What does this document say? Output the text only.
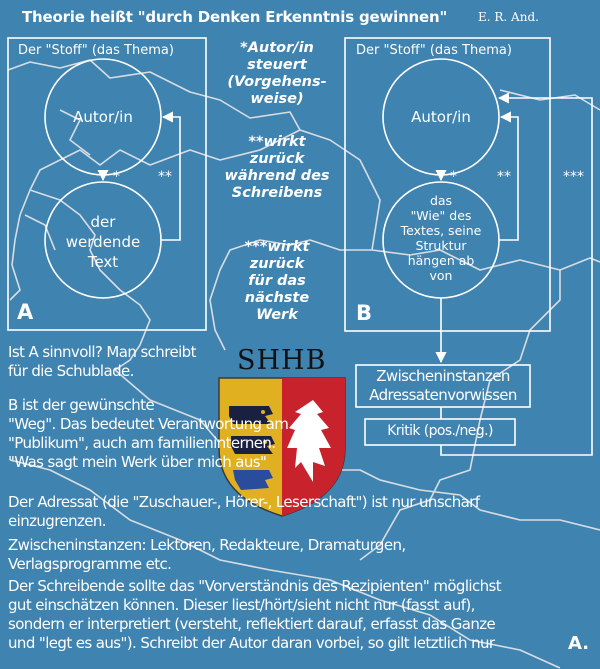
Theorie heißt "durch Denken Erkenntnis gewinnen"	E. R. And.
Der "Stoff" (das Thema)
Autor/in
der
werdende
Text
*	**
A
Der "Stoff" (das Thema)
Autor/in
das
"Wie" des
Textes, seine
Struktur
hängen ab
von
*	**	***
B
*Autor/in
steuert
(Vorgehens-
weise)
**wirkt
zurück
während des
Schreibens
***wirkt
zurück
für das
nächste
Werk
Zwischeninstanzen
Adressatenvorwissen
Kritik (pos./neg.)
SHHB
Ist A sinnvoll? Man schreibt
für die Schublade.
B ist der gewünschte
"Weg". Das bedeutet Verantwortung am
"Publikum", auch am familieninternen.
"Was sagt mein Werk über mich aus"
Der Adressat (die "Zuschauer-, Hörer-, Leserschaft") ist nur unscharf
einzugrenzen.
Zwischeninstanzen: Lektoren, Redakteure, Dramaturgen,
Verlagsprogramme etc.
Der Schreibende sollte das "Vorverständnis des Rezipienten" möglichst
gut einschätzen können. Dieser liest/hört/sieht nicht nur (fasst auf),
sondern er interpretiert (versteht, reflektiert darauf, erfasst das Ganze
und "legt es aus"). Schreibt der Autor daran vorbei, so gilt letztlich nur	A.
